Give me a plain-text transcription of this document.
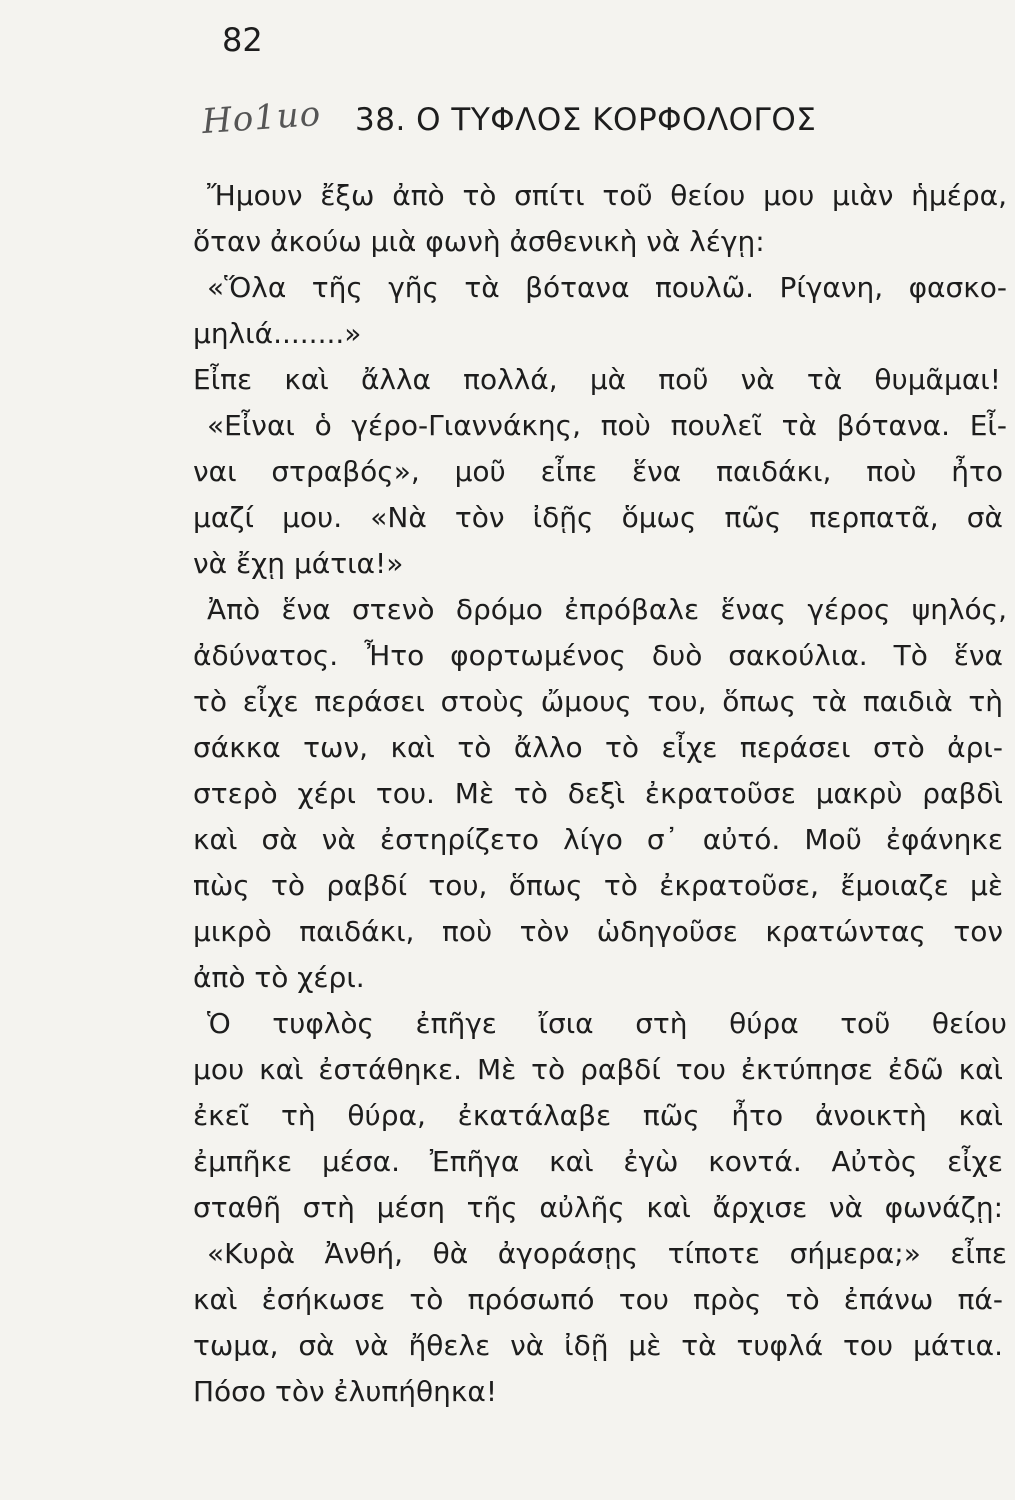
82
Ηо1ио 38. Ο ΤΥΦΛΟΣ ΚΟΡΦΟΛΟΓΟΣ
Ἤμουν ἔξω ἀπὸ τὸ σπίτι τοῦ θείου μου μιὰν ἡμέρα,
ὅταν ἀκούω μιὰ φωνὴ ἀσθενικὴ νὰ λέγῃ:
«Ὅλα τῆς γῆς τὰ βότανα πουλῶ. Ρίγανη, φασκο-
μηλιά........»
Εἶπε καὶ ἄλλα πολλά, μὰ ποῦ νὰ τὰ θυμᾶμαι!
«Εἶναι ὁ γέρο-Γιαννάκης, ποὺ πουλεῖ τὰ βότανα. Εἶ-
ναι στραβός», μοῦ εἶπε ἕνα παιδάκι, ποὺ ἦτο
μαζί μου. «Νὰ τὸν ἰδῇς ὅμως πῶς περπατᾶ, σὰ
νὰ ἔχῃ μάτια!»
Ἀπὸ ἕνα στενὸ δρόμο ἐπρόβαλε ἕνας γέρος ψηλός,
ἀδύνατος. Ἦτο φορτωμένος δυὸ σακούλια. Τὸ ἕνα
τὸ εἶχε περάσει στοὺς ὤμους του, ὅπως τὰ παιδιὰ τὴ
σάκκα των, καὶ τὸ ἄλλο τὸ εἶχε περάσει στὸ ἀρι-
στερὸ χέρι του. Μὲ τὸ δεξὶ ἐκρατοῦσε μακρὺ ραβδὶ
καὶ σὰ νὰ ἐστηρίζετο λίγο σ᾽ αὐτό. Μοῦ ἐφάνηκε
πὼς τὸ ραβδί του, ὅπως τὸ ἐκρατοῦσε, ἔμοιαζε μὲ
μικρὸ παιδάκι, ποὺ τὸν ὡδηγοῦσε κρατώντας τον
ἀπὸ τὸ χέρι.
Ὁ τυφλὸς ἐπῆγε ἴσια στὴ θύρα τοῦ θείου
μου καὶ ἐστάθηκε. Μὲ τὸ ραβδί του ἐκτύπησε ἐδῶ καὶ
ἐκεῖ τὴ θύρα, ἐκατάλαβε πῶς ἦτο ἀνοικτὴ καὶ
ἐμπῆκε μέσα. Ἐπῆγα καὶ ἐγὼ κοντά. Αὐτὸς εἶχε
σταθῆ στὴ μέση τῆς αὐλῆς καὶ ἄρχισε νὰ φωνάζῃ:
«Κυρὰ Ἀνθή, θὰ ἀγοράσῃς τίποτε σήμερα;» εἶπε
καὶ ἐσήκωσε τὸ πρόσωπό του πρὸς τὸ ἐπάνω πά-
τωμα, σὰ νὰ ἤθελε νὰ ἰδῇ μὲ τὰ τυφλά του μάτια.
Πόσο τὸν ἐλυπήθηκα!
